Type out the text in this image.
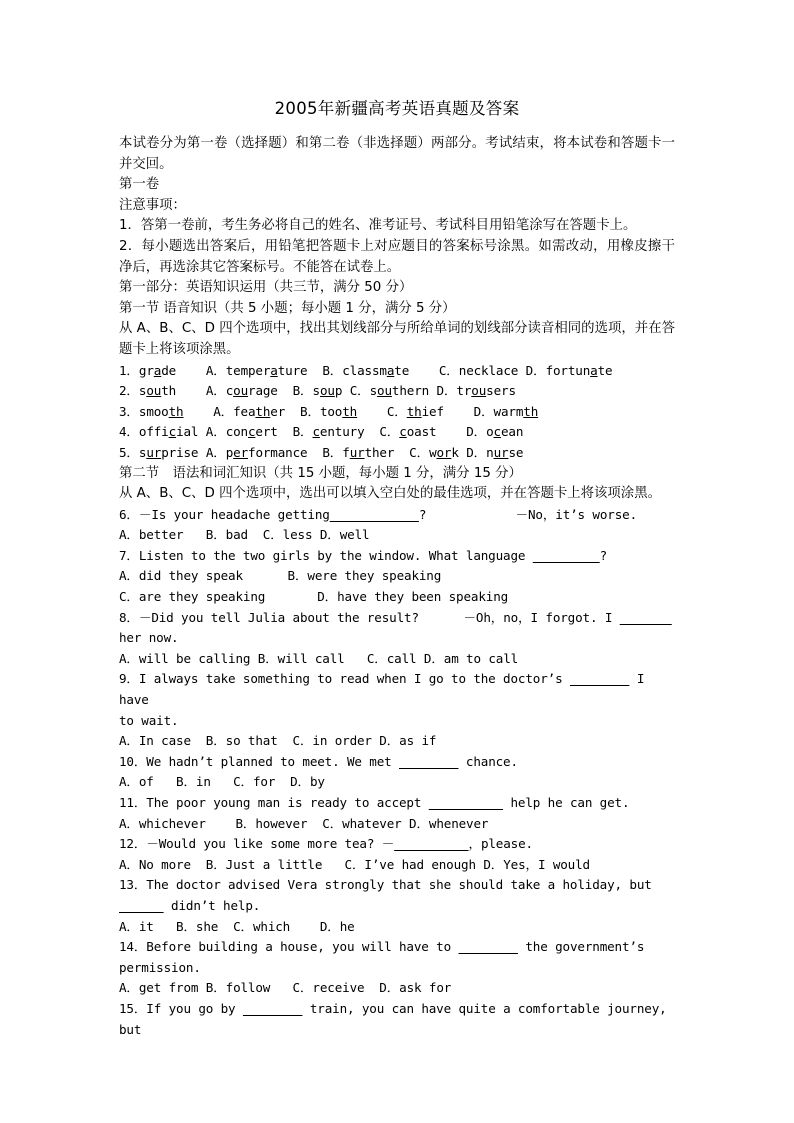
2005年新疆高考英语真题及答案

本试卷分为第一卷（选择题）和第二卷（非选择题）两部分。考试结束，将本试卷和答题卡一并交回。

第一卷

注意事项：

1．答第一卷前，考生务必将自己的姓名、准考证号、考试科目用铅笔涂写在答题卡上。

2．每小题选出答案后，用铅笔把答题卡上对应题目的答案标号涂黑。如需改动，用橡皮擦干净后，再选涂其它答案标号。不能答在试卷上。

第一部分：英语知识运用（共三节，满分 50 分）

第一节 语音知识（共 5 小题；每小题 1 分，满分 5 分）

从 A、B、C、D 四个选项中，找出其划线部分与所给单词的划线部分读音相同的选项，并在答题卡上将该项涂黑。

1．grade A．temperature B．classmate C．necklace D．fortunate

2．south A．courage B．soup C．southern D．trousers

3．smooth A．feather B．tooth C．thief D．warmth

4．official A．concert B．century C．coast D．ocean

5．surprise A．performance B．further C．work D．nurse

第二节　语法和词汇知识（共 15 小题，每小题 1 分，满分 15 分）

从 A、B、C、D 四个选项中，选出可以填入空白处的最佳选项，并在答题卡上将该项涂黑。

6．－Is your headache getting	?            －No，it’s worse.

A．better   B．bad  C．less D．well

7．Listen to the two girls by the window. What language	?

A．did they speak      B．were they speaking

C．are they speaking       D．have they been speaking

8．－Did you tell Julia about the result?      －Oh，no，I forgot. I

her now.

A．will be calling B．will call   C．call D．am to call

9．I always take something to read when I go to the doctor’s	I have

to wait.

A．In case  B．so that  C．in order D．as if

10．We hadn’t planned to meet. We met	chance.

A．of   B．in   C．for  D．by

11．The poor young man is ready to accept	help he can get.

A．whichever    B．however  C．whatever D．whenever

12．－Would you like some more tea? －	，please.

A．No more  B．Just a little   C．I’ve had enough D．Yes，I would

13．The doctor advised Vera strongly that she should take a holiday, but

didn’t help.

A．it   B．she  C．which    D．he

14．Before building a house, you will have to	the government’s

permission.

A．get from B．follow   C．receive  D．ask for

15．If you go by	train, you can have quite a comfortable journey, but
